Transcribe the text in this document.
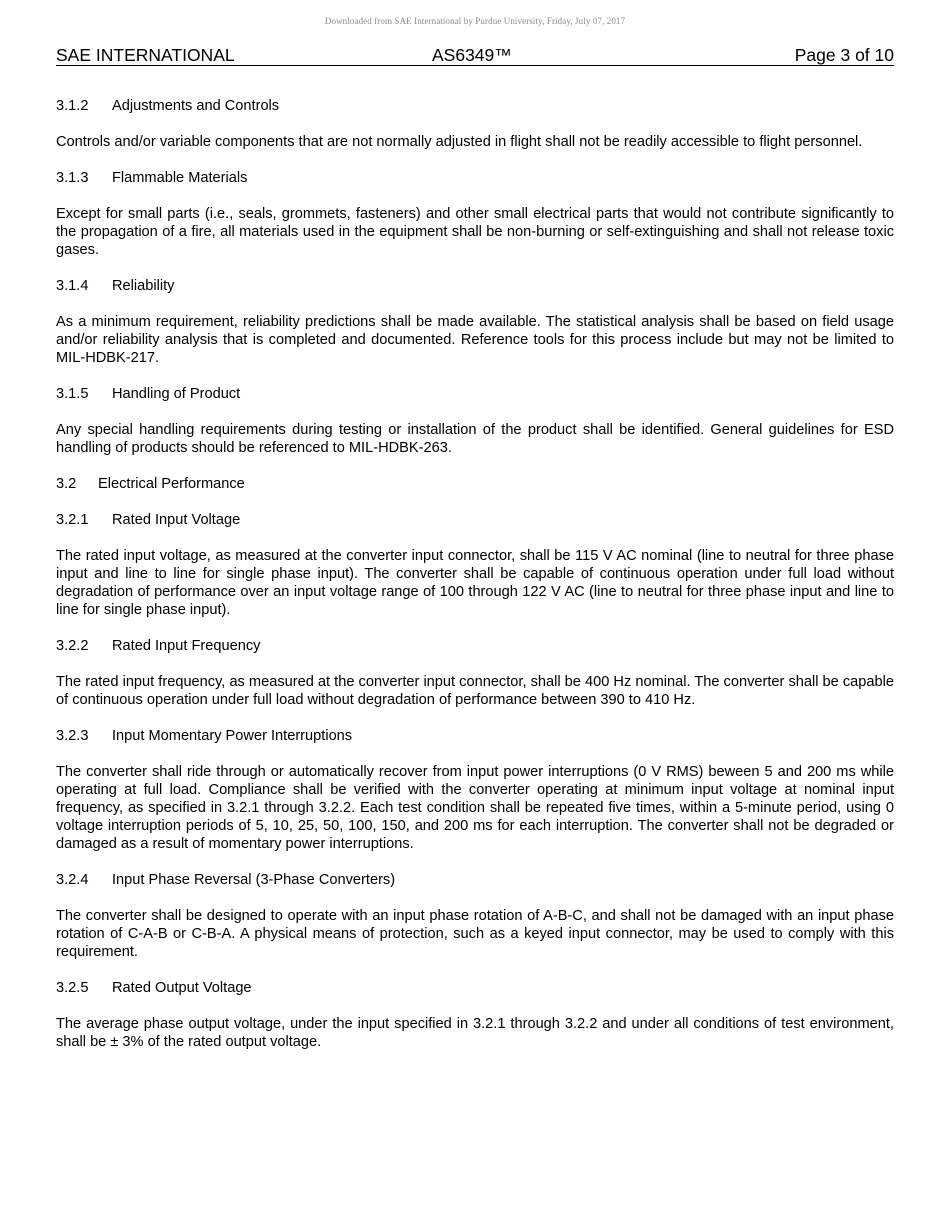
Downloaded from SAE International by Purdue University, Friday, July 07, 2017
SAE INTERNATIONAL	AS6349™	Page 3 of 10
3.1.2 Adjustments and Controls

Controls and/or variable components that are not normally adjusted in flight shall not be readily accessible to flight personnel.

3.1.3 Flammable Materials

Except for small parts (i.e., seals, grommets, fasteners) and other small electrical parts that would not contribute significantly to the propagation of a fire, all materials used in the equipment shall be non-burning or self-extinguishing and shall not release toxic gases.

3.1.4 Reliability

As a minimum requirement, reliability predictions shall be made available. The statistical analysis shall be based on field usage and/or reliability analysis that is completed and documented. Reference tools for this process include but may not be limited to MIL-HDBK-217.

3.1.5 Handling of Product

Any special handling requirements during testing or installation of the product shall be identified. General guidelines for ESD handling of products should be referenced to MIL-HDBK-263.

3.2 Electrical Performance
3.2.1 Rated Input Voltage

The rated input voltage, as measured at the converter input connector, shall be 115 V AC nominal (line to neutral for three phase input and line to line for single phase input). The converter shall be capable of continuous operation under full load without degradation of performance over an input voltage range of 100 through 122 V AC (line to neutral for three phase input and line to line for single phase input).

3.2.2 Rated Input Frequency

The rated input frequency, as measured at the converter input connector, shall be 400 Hz nominal. The converter shall be capable of continuous operation under full load without degradation of performance between 390 to 410 Hz.

3.2.3 Input Momentary Power Interruptions

The converter shall ride through or automatically recover from input power interruptions (0 V RMS) beween 5 and 200 ms while operating at full load. Compliance shall be verified with the converter operating at minimum input voltage at nominal input frequency, as specified in 3.2.1 through 3.2.2. Each test condition shall be repeated five times, within a 5-minute period, using 0 voltage interruption periods of 5, 10, 25, 50, 100, 150, and 200 ms for each interruption. The converter shall not be degraded or damaged as a result of momentary power interruptions.

3.2.4 Input Phase Reversal (3-Phase Converters)

The converter shall be designed to operate with an input phase rotation of A-B-C, and shall not be damaged with an input phase rotation of C-A-B or C-B-A. A physical means of protection, such as a keyed input connector, may be used to comply with this requirement.

3.2.5 Rated Output Voltage

The average phase output voltage, under the input specified in 3.2.1 through 3.2.2 and under all conditions of test environment, shall be ± 3% of the rated output voltage.
